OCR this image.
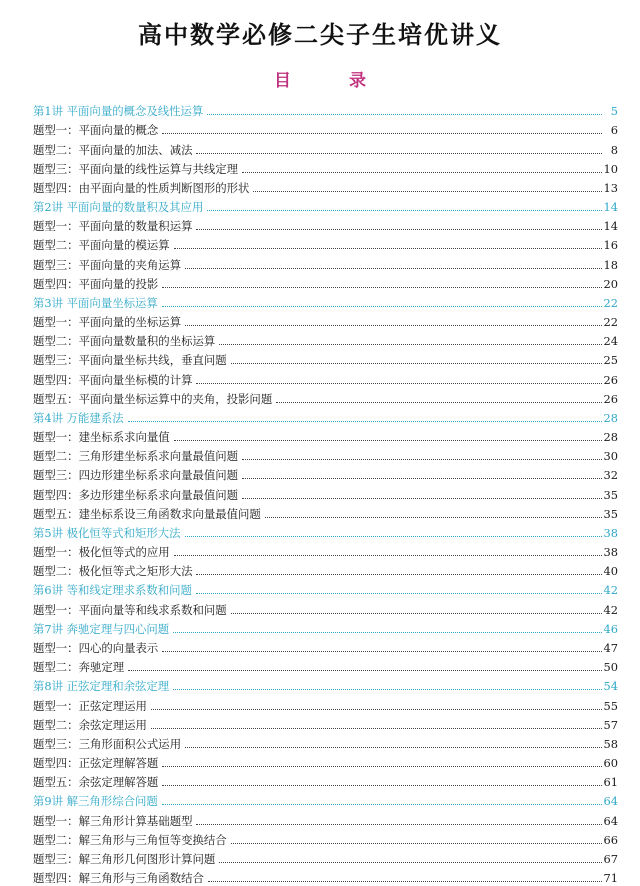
高中数学必修二尖子生培优讲义
目 录
第1讲 平面向量的概念及线性运算	5
题型一：平面向量的概念	6
题型二：平面向量的加法、减法	8
题型三：平面向量的线性运算与共线定理	10
题型四：由平面向量的性质判断图形的形状	13
第2讲 平面向量的数量积及其应用	14
题型一：平面向量的数量积运算	14
题型二：平面向量的模运算	16
题型三：平面向量的夹角运算	18
题型四：平面向量的投影	20
第3讲 平面向量坐标运算	22
题型一：平面向量的坐标运算	22
题型二：平面向量数量积的坐标运算	24
题型三：平面向量坐标共线，垂直问题	25
题型四：平面向量坐标模的计算	26
题型五：平面向量坐标运算中的夹角，投影问题	26
第4讲 万能建系法	28
题型一：建坐标系求向量值	28
题型二：三角形建坐标系求向量最值问题	30
题型三：四边形建坐标系求向量最值问题	32
题型四：多边形建坐标系求向量最值问题	35
题型五：建坐标系设三角函数求向量最值问题	35
第5讲 极化恒等式和矩形大法	38
题型一：极化恒等式的应用	38
题型二：极化恒等式之矩形大法	40
第6讲 等和线定理求系数和问题	42
题型一：平面向量等和线求系数和问题	42
第7讲 奔驰定理与四心问题	46
题型一：四心的向量表示	47
题型二：奔驰定理	50
第8讲 正弦定理和余弦定理	54
题型一：正弦定理运用	55
题型二：余弦定理运用	57
题型三：三角形面积公式运用	58
题型四：正弦定理解答题	60
题型五：余弦定理解答题	61
第9讲 解三角形综合问题	64
题型一：解三角形计算基础题型	64
题型二：解三角形与三角恒等变换结合	66
题型三：解三角形几何图形计算问题	67
题型四：解三角形与三角函数结合	71
